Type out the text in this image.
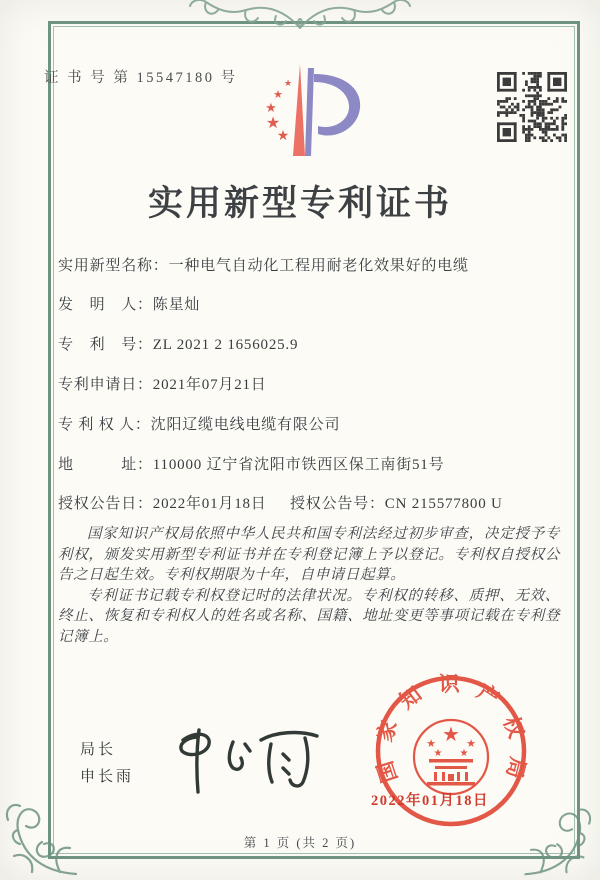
证 书 号 第 15547180 号	★
★
★
★
★
实用新型专利证书
实用新型名称：一种电气自动化工程用耐老化效果好的电缆
发　明　人：陈星灿
专　利　号：ZL 2021 2 1656025.9
专利申请日：2021年07月21日
专 利 权 人：沈阳辽缆电线电缆有限公司
地　　　址：110000 辽宁省沈阳市铁西区保工南街51号
授权公告日：2022年01月18日 授权公告号：CN 215577800 U

国家知识产权局依照中华人民共和国专利法经过初步审查，决定授予专利权，颁发实用新型专利证书并在专利登记簿上予以登记。专利权自授权公告之日起生效。专利权期限为十年，自申请日起算。

专利证书记载专利权登记时的法律状况。专利权的转移、质押、无效、终止、恢复和专利权人的姓名或名称、国籍、地址变更等事项记载在专利登记簿上。

局长
申长雨	国家知识产权局
★
★	★
★ ★
2022年01月18日
第 1 页 (共 2 页)
